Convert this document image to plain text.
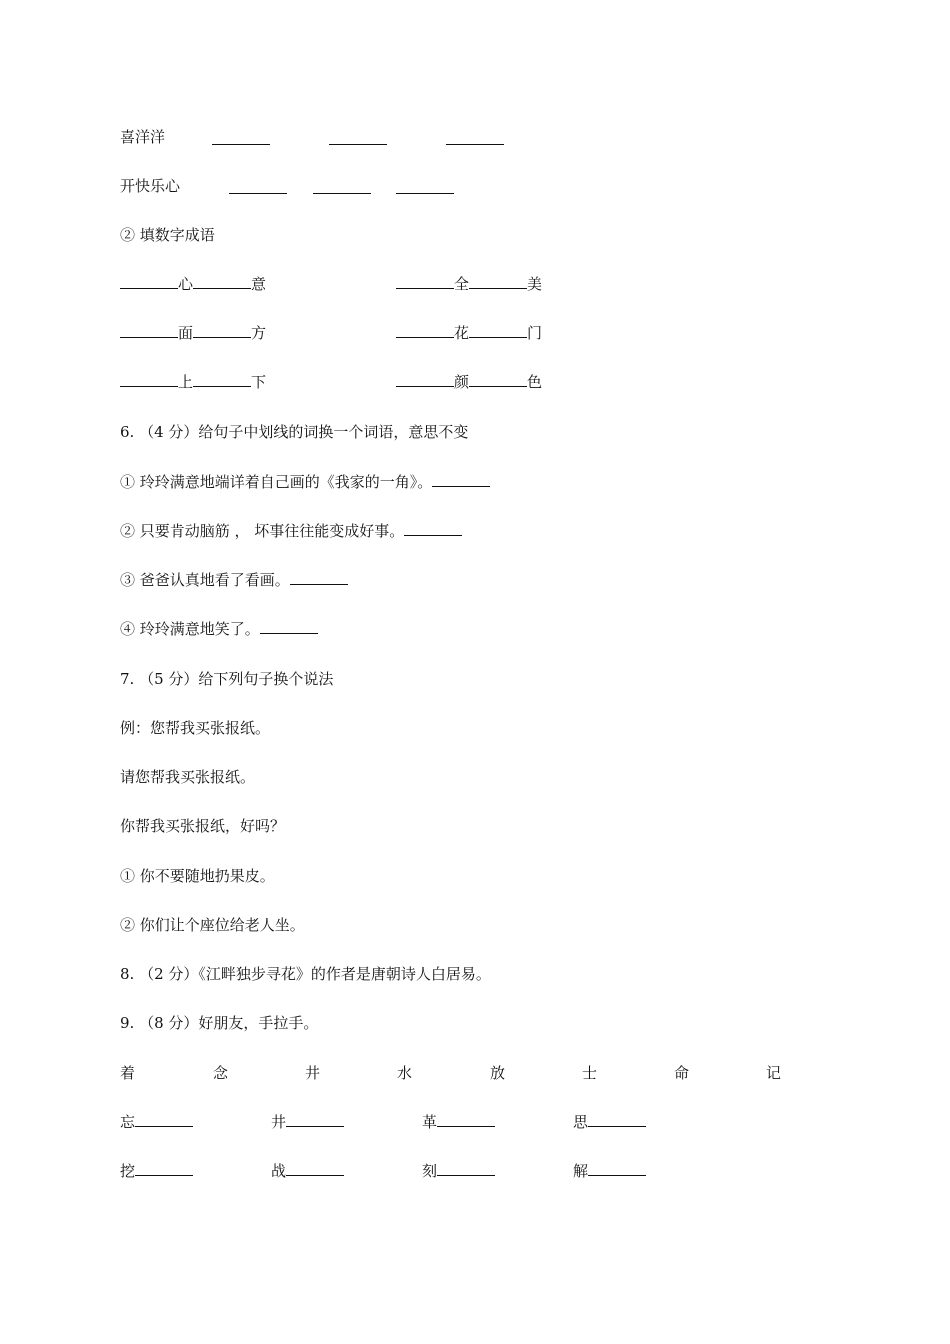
喜洋洋
开快乐心
② 填数字成语
心	意	全	美
面	方	花	门
上	下	颜	色
6. （4 分）给句子中划线的词换一个词语，意思不变
① 玲玲满意地端详着自己画的《我家的一角》。
② 只要肯动脑筋 ， 坏事往往能变成好事。
③ 爸爸认真地看了看画。
④ 玲玲满意地笑了。
7. （5 分）给下列句子换个说法
例：您帮我买张报纸。
请您帮我买张报纸。
你帮我买张报纸，好吗？
① 你不要随地扔果皮。
② 你们让个座位给老人坐。
8. （2 分）《江畔独步寻花》的作者是唐朝诗人白居易。
9. （8 分）好朋友，手拉手。
着	念	井	水	放	士	命	记
忘	井	革	思
挖	战	刻	解
